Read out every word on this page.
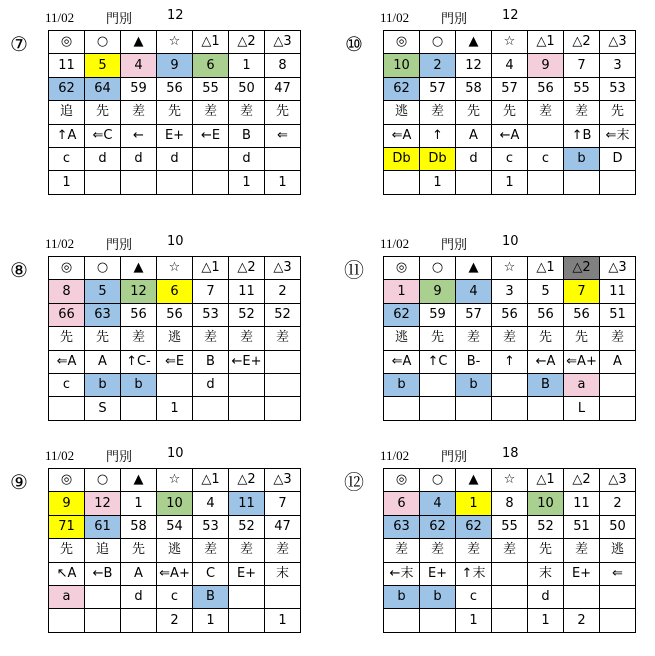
⑦
11/02 門別	12
◎	○	▲	☆	△1	△2	△3
11	5	4	9	6	1	8
62	64	59	56	55	50	47
追	先	差	先	差	差	先
↑A	⇐C	←	E+	←E	B	⇐
c	d	d	d		d	
1					1	1
⑩
11/02 門別	12
◎	○	▲	☆	△1	△2	△3
10	2	12	4	9	7	3
62	57	58	57	56	55	53
逃	差	先	先	差	差	先
⇐A	↑	A	←A		↑B	⇐末
Db	Db	d	c	c	b	D
	1		1			
⑧
11/02 門別	10
◎	○	▲	☆	△1	△2	△3
8	5	12	6	7	11	2
66	63	56	56	53	52	52
先	先	差	逃	差	差	差
⇐A	A	↑C-	⇐E	B	←E+	
c	b	b		d		
	S		1			
⑪
11/02 門別	10
◎	○	▲	☆	△1	△2	△3
1	9	4	3	5	7	11
62	59	57	56	56	56	51
逃	先	差	差	先	先	差
⇐A	↑C	B-	↑	←A	⇐A+	A
b		b		B	a	
					L	
⑨
11/02 門別	10
◎	○	▲	☆	△1	△2	△3
9	12	1	10	4	11	7
71	61	58	54	53	52	47
先	追	先	逃	差	差	差
↖A	←B	A	⇐A+	C	E+	末
a		d	c	B		
			2	1		1
⑫
11/02 門別	18
◎	○	▲	☆	△1	△2	△3
6	4	1	8	10	11	2
63	62	62	55	52	51	50
差	差	差	差	先	差	逃
←末	E+	↑末		末	E+	⇐
b	b	c		d		
		1		1	2	
